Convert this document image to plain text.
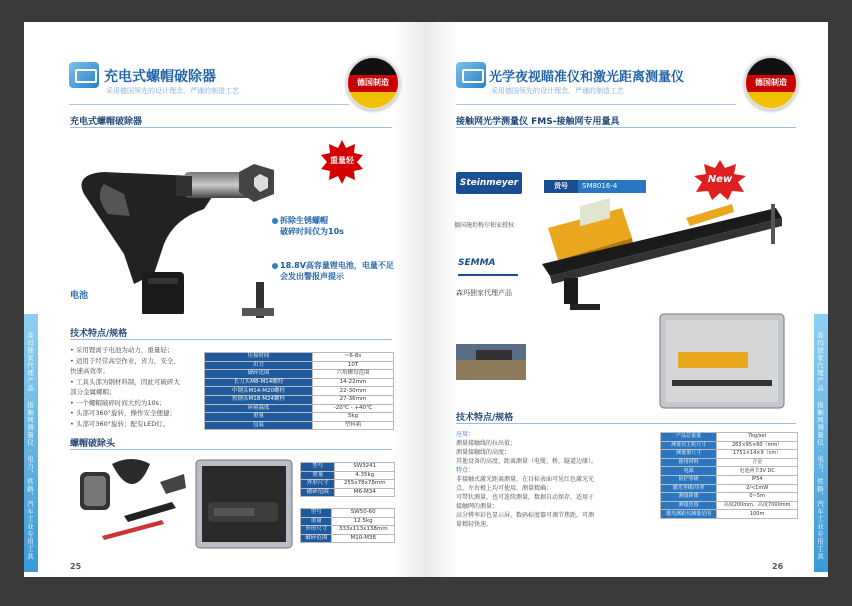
充电式螺帽破除器
采用德国领先的设计理念、严谨的制造工艺
德国制造
充电式螺帽破除器
重量轻
拆除生锈螺帽
破碎时间仅为10s
18.8V高容量锂电池，电量不足
会发出警报声提示
电池
技术特点/规格
• 采用锂离子电池为动力，重量轻；
• 适用于经常高空作业，省力，安全，
快速高效率；
• 工具头部为钢材料制，因此可破碎大
部分金属螺帽；
• 一个螺帽破碎时间大约为10s；
• 头部可360°旋转，操作安全便捷；
• 头部可360°旋转；配有LED灯。
压接时间	~6-8s
出力	10T
破碎范围	六角螺母范围
长刀头M8-M14螺栓	14-22mm
中钢头M14-M20螺栓	22-30mm
短钢头M18-M24螺栓	27-36mm
环境温度	-20℃ - +40℃
重量	5kg
包装	塑料箱
螺帽破除头
型号	SW3241
重量	4.35kg
外形尺寸	255x78x78mm
破碎范围	M6-M34
型号	SW50-60
重量	12.5kg
外形尺寸	333x113x138mm
破碎范围	M10-M36
森玛独家代理产品 · 接触网测量仪 · 电力、铁路、汽车工业专用工具
25
光学夜视瞄准仪和激光距离测量仪
采用德国领先的设计理念、严谨的制造工艺
德国制造
接触网光学测量仪 FMS-接触网专用量具
Steinmeyer
德国施坦梅尔独家授权
SEMMA
森玛独家代理产品
货号	SM8016-4
New
技术特点/规格
应用：
测量接触线的拉出值；
测量接触线的高度；
其他设备的高度、距离测量（电缆、桥、隧道边缘）。
特点：
非接触式激光距离测量，在目标表面可见红色激光光
点，左右极上均可使用，测量精确；
可带状测量，也可连续测量，数据自动保存，适用于
接触网的测量；
高分辨率彩色显示屏，数码标度器可调节焦距，可测
量精轻快速。
产品总重量	7kg/set
测量仪主机尺寸	263×95×60（mm）
测量架尺寸	1751×14×9（cm）
使用材料	合金
电源	电池两节3V DC
防护等级	IP54
激光等级/功率	2/<1mW
测量距离	0~5m
测量范围	高度200mm，高度7000mm
激光测距仪测量范围	100m	森玛独家代理产品 · 接触网测量仪 · 电力、铁路、汽车工业专用工具
26
